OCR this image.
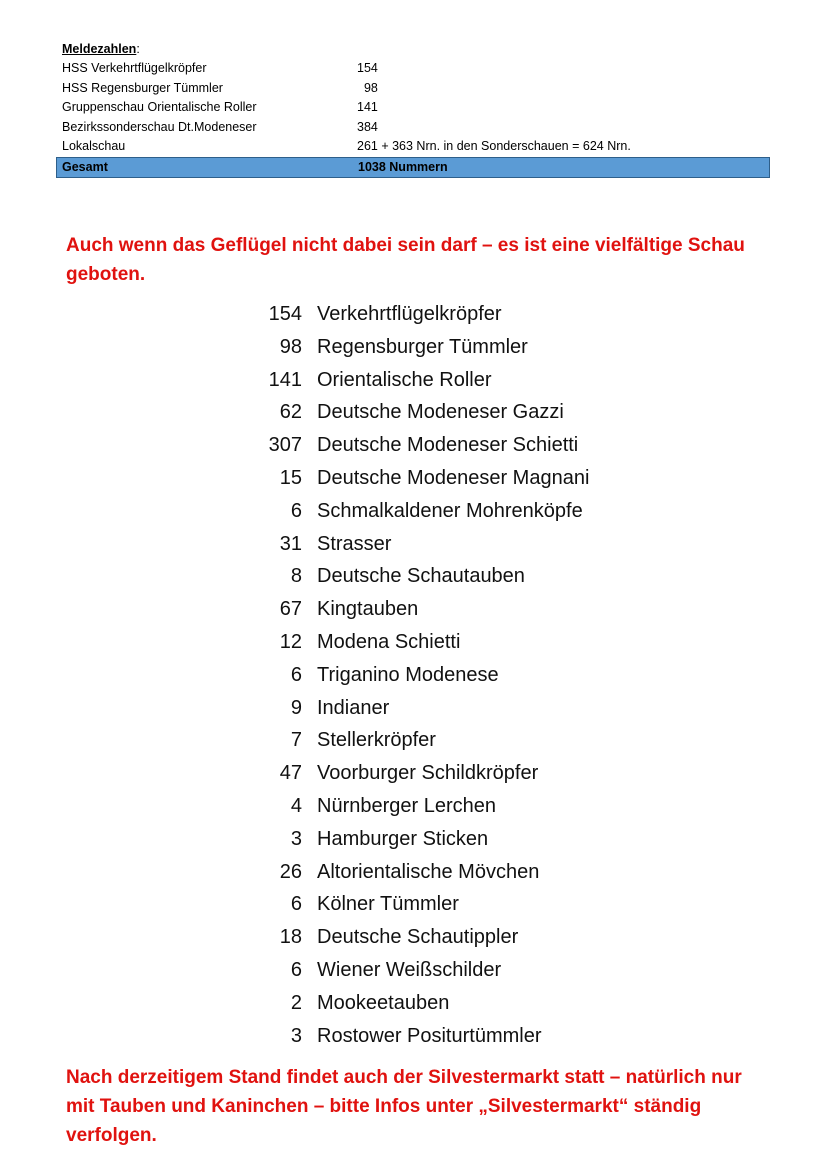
Meldezahlen:
HSS Verkehrtflügelkröpfer	154
HSS Regensburger Tümmler	98
Gruppenschau Orientalische Roller	141
Bezirkssonderschau Dt.Modeneser	384
Lokalschau	261 + 363 Nrn. in den Sonderschauen = 624 Nrn.
Gesamt	1038 Nummern

Auch wenn das Geflügel nicht dabei sein darf – es ist eine vielfältige Schau geboten.

154 Verkehrtflügelkröpfer
98 Regensburger Tümmler
141 Orientalische Roller
62 Deutsche Modeneser Gazzi
307 Deutsche Modeneser Schietti
15 Deutsche Modeneser Magnani
6 Schmalkaldener Mohrenköpfe
31 Strasser
8 Deutsche Schautauben
67 Kingtauben
12 Modena Schietti
6 Triganino Modenese
9 Indianer
7 Stellerkröpfer
47 Voorburger Schildkröpfer
4 Nürnberger Lerchen
3 Hamburger Sticken
26 Altorientalische Mövchen
6 Kölner Tümmler
18 Deutsche Schautippler
6 Wiener Weißschilder
2 Mookeetauben
3 Rostower Positurtümmler

Nach derzeitigem Stand findet auch der Silvestermarkt statt – natürlich nur mit Tauben und Kaninchen – bitte Infos unter „Silvestermarkt“ ständig verfolgen.
